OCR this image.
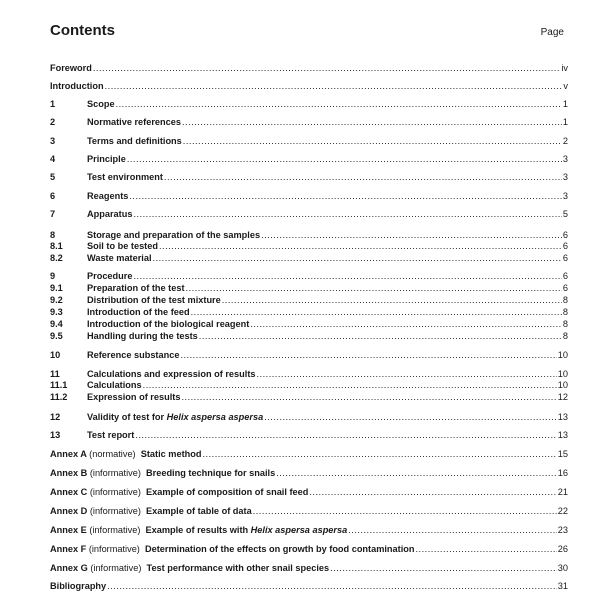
Contents	Page
Foreword .....	iv
Introduction .....	v
1	Scope .....	1
2	Normative references .....	1
3	Terms and definitions .....	2
4	Principle .....	3
5	Test environment .....	3
6	Reagents .....	3
7	Apparatus .....	5
8	Storage and preparation of the samples .....	6
8.1	Soil to be tested .....	6
8.2	Waste material .....	6
9	Procedure .....	6
9.1	Preparation of the test .....	6
9.2	Distribution of the test mixture .....	8
9.3	Introduction of the feed .....	8
9.4	Introduction of the biological reagent .....	8
9.5	Handling during the tests .....	8
10	Reference substance .....	10
11	Calculations and expression of results .....	10
11.1	Calculations .....	10
11.2	Expression of results .....	12
12	Validity of test for Helix aspersa aspersa .....	13
13	Test report .....	13
Annex A (normative) Static method .....	15
Annex B (informative) Breeding technique for snails .....	16
Annex C (informative) Example of composition of snail feed .....	21
Annex D (informative) Example of table of data .....	22
Annex E (informative) Example of results with Helix aspersa aspersa .....	23
Annex F (informative) Determination of the effects on growth by food contamination .....	26
Annex G (informative) Test performance with other snail species .....	30
Bibliography .....	31
